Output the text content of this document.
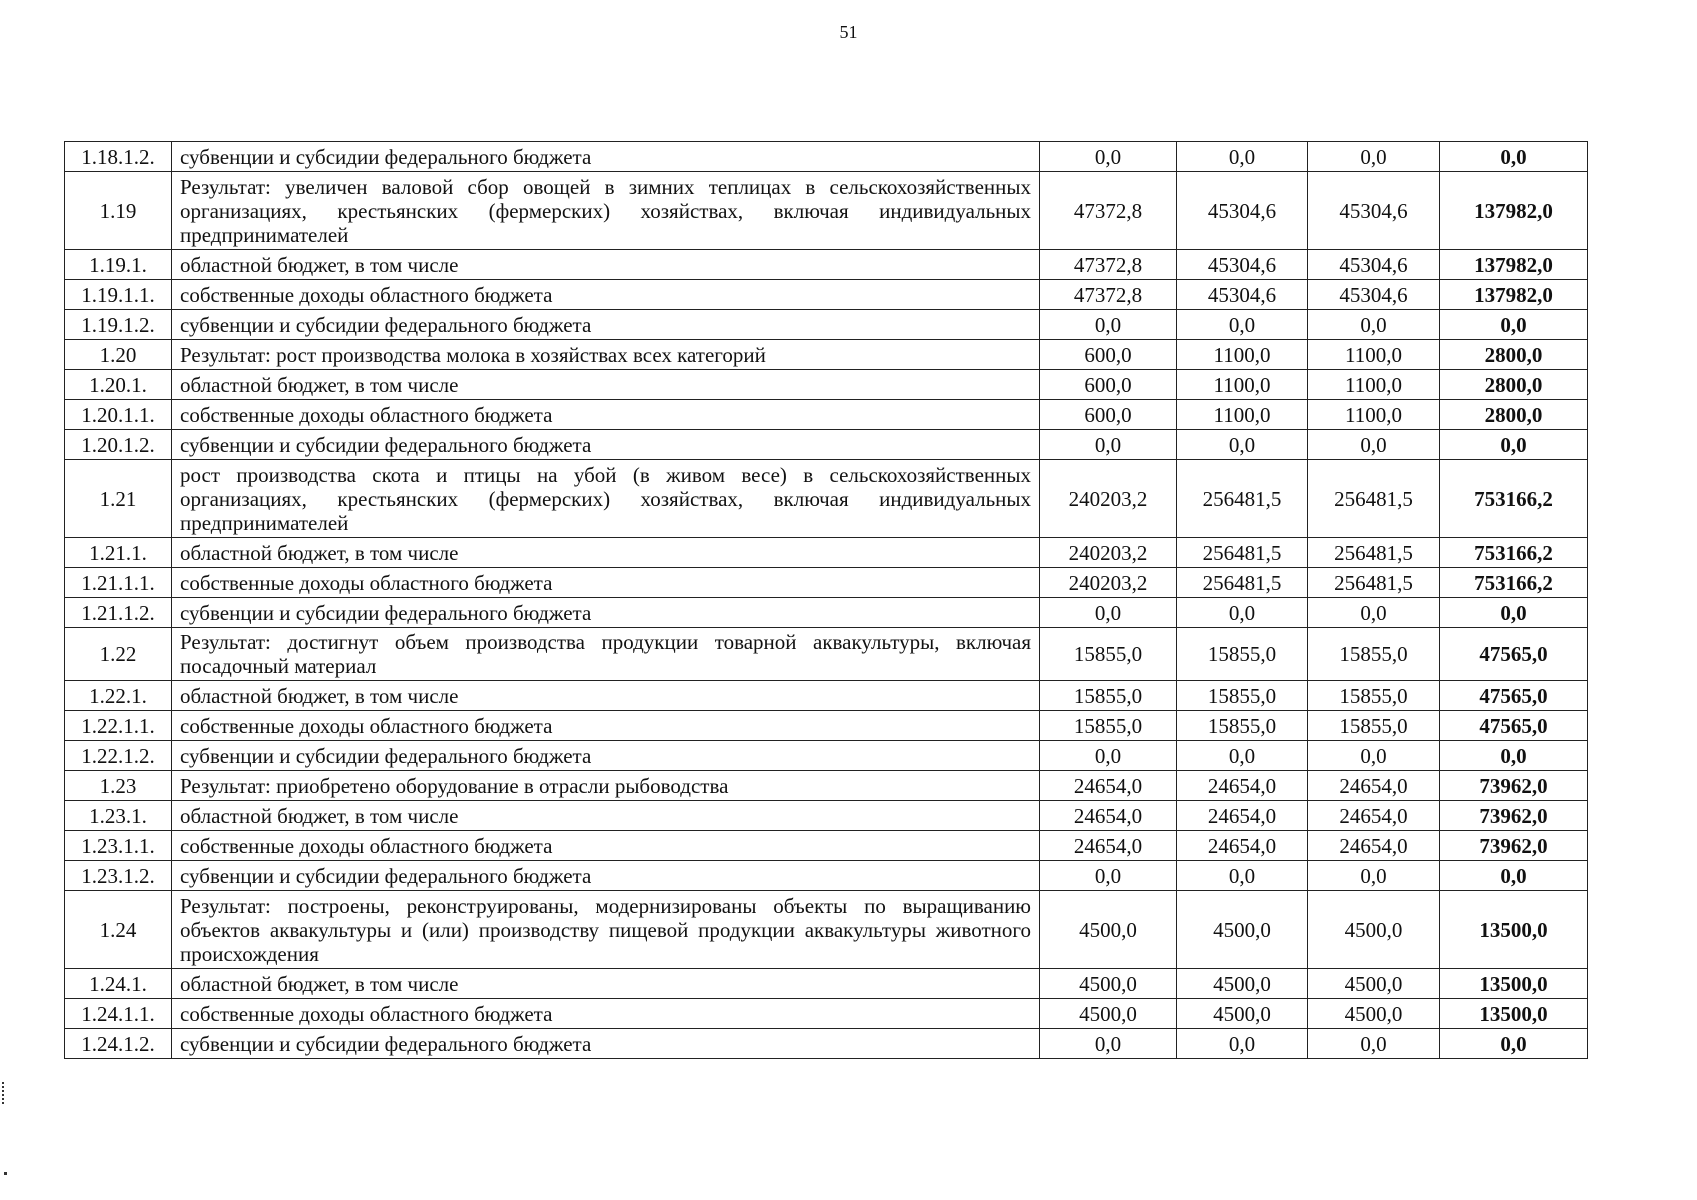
51
1.18.1.2.	субвенции и субсидии федерального бюджета	0,0	0,0	0,0	0,0
1.19	Результат: увеличен валовой сбор овощей в зимних теплицах в сельскохозяйственных организациях, крестьянских (фермерских) хозяйствах, включая индивидуальных предпринимателей	47372,8	45304,6	45304,6	137982,0
1.19.1.	областной бюджет, в том числе	47372,8	45304,6	45304,6	137982,0
1.19.1.1.	собственные доходы областного бюджета	47372,8	45304,6	45304,6	137982,0
1.19.1.2.	субвенции и субсидии федерального бюджета	0,0	0,0	0,0	0,0
1.20	Результат: рост производства молока в хозяйствах всех категорий	600,0	1100,0	1100,0	2800,0
1.20.1.	областной бюджет, в том числе	600,0	1100,0	1100,0	2800,0
1.20.1.1.	собственные доходы областного бюджета	600,0	1100,0	1100,0	2800,0
1.20.1.2.	субвенции и субсидии федерального бюджета	0,0	0,0	0,0	0,0
1.21	рост производства скота и птицы на убой (в живом весе) в сельскохозяйственных организациях, крестьянских (фермерских) хозяйствах, включая индивидуальных предпринимателей	240203,2	256481,5	256481,5	753166,2
1.21.1.	областной бюджет, в том числе	240203,2	256481,5	256481,5	753166,2
1.21.1.1.	собственные доходы областного бюджета	240203,2	256481,5	256481,5	753166,2
1.21.1.2.	субвенции и субсидии федерального бюджета	0,0	0,0	0,0	0,0
1.22	Результат: достигнут объем производства продукции товарной аквакультуры, включая посадочный материал	15855,0	15855,0	15855,0	47565,0
1.22.1.	областной бюджет, в том числе	15855,0	15855,0	15855,0	47565,0
1.22.1.1.	собственные доходы областного бюджета	15855,0	15855,0	15855,0	47565,0
1.22.1.2.	субвенции и субсидии федерального бюджета	0,0	0,0	0,0	0,0
1.23	Результат: приобретено оборудование в отрасли рыбоводства	24654,0	24654,0	24654,0	73962,0
1.23.1.	областной бюджет, в том числе	24654,0	24654,0	24654,0	73962,0
1.23.1.1.	собственные доходы областного бюджета	24654,0	24654,0	24654,0	73962,0
1.23.1.2.	субвенции и субсидии федерального бюджета	0,0	0,0	0,0	0,0
1.24	Результат: построены, реконструированы, модернизированы объекты по выращиванию объектов аквакультуры и (или) производству пищевой продукции аквакультуры животного происхождения	4500,0	4500,0	4500,0	13500,0
1.24.1.	областной бюджет, в том числе	4500,0	4500,0	4500,0	13500,0
1.24.1.1.	собственные доходы областного бюджета	4500,0	4500,0	4500,0	13500,0
1.24.1.2.	субвенции и субсидии федерального бюджета	0,0	0,0	0,0	0,0
